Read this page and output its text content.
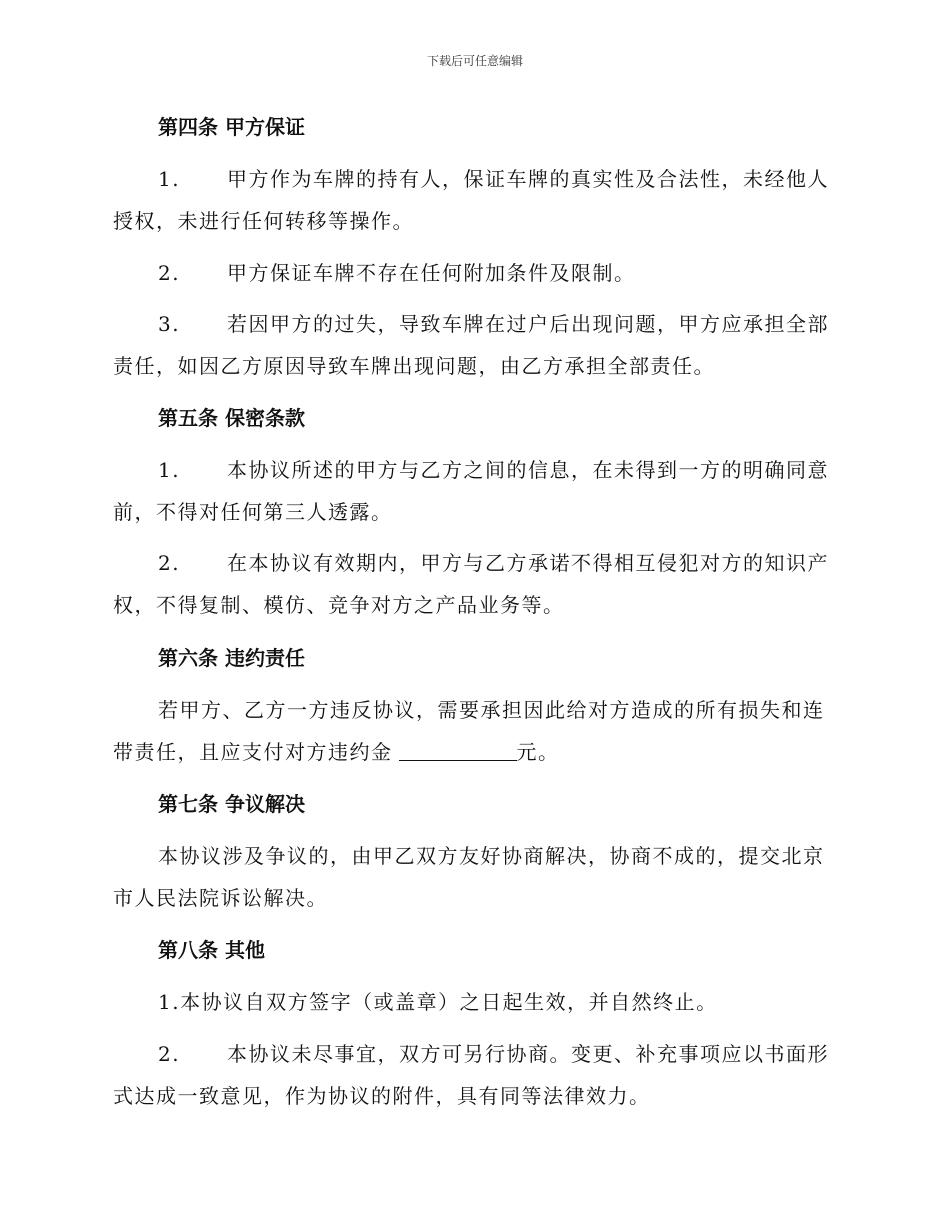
下载后可任意编辑
第四条 甲方保证
1. 甲方作为车牌的持有人，保证车牌的真实性及合法性，未经他人
授权，未进行任何转移等操作。
2. 甲方保证车牌不存在任何附加条件及限制。
3. 若因甲方的过失，导致车牌在过户后出现问题，甲方应承担全部
责任，如因乙方原因导致车牌出现问题，由乙方承担全部责任。
第五条 保密条款
1. 本协议所述的甲方与乙方之间的信息，在未得到一方的明确同意
前，不得对任何第三人透露。
2. 在本协议有效期内，甲方与乙方承诺不得相互侵犯对方的知识产
权，不得复制、模仿、竞争对方之产品业务等。
第六条 违约责任
若甲方、乙方一方违反协议，需要承担因此给对方造成的所有损失和连
带责任，且应支付对方违约金	元。
第七条 争议解决
本协议涉及争议的，由甲乙双方友好协商解决，协商不成的，提交北京
市人民法院诉讼解决。
第八条 其他
1.本协议自双方签字（或盖章）之日起生效，并自然终止。
2. 本协议未尽事宜，双方可另行协商。变更、补充事项应以书面形
式达成一致意见，作为协议的附件，具有同等法律效力。
